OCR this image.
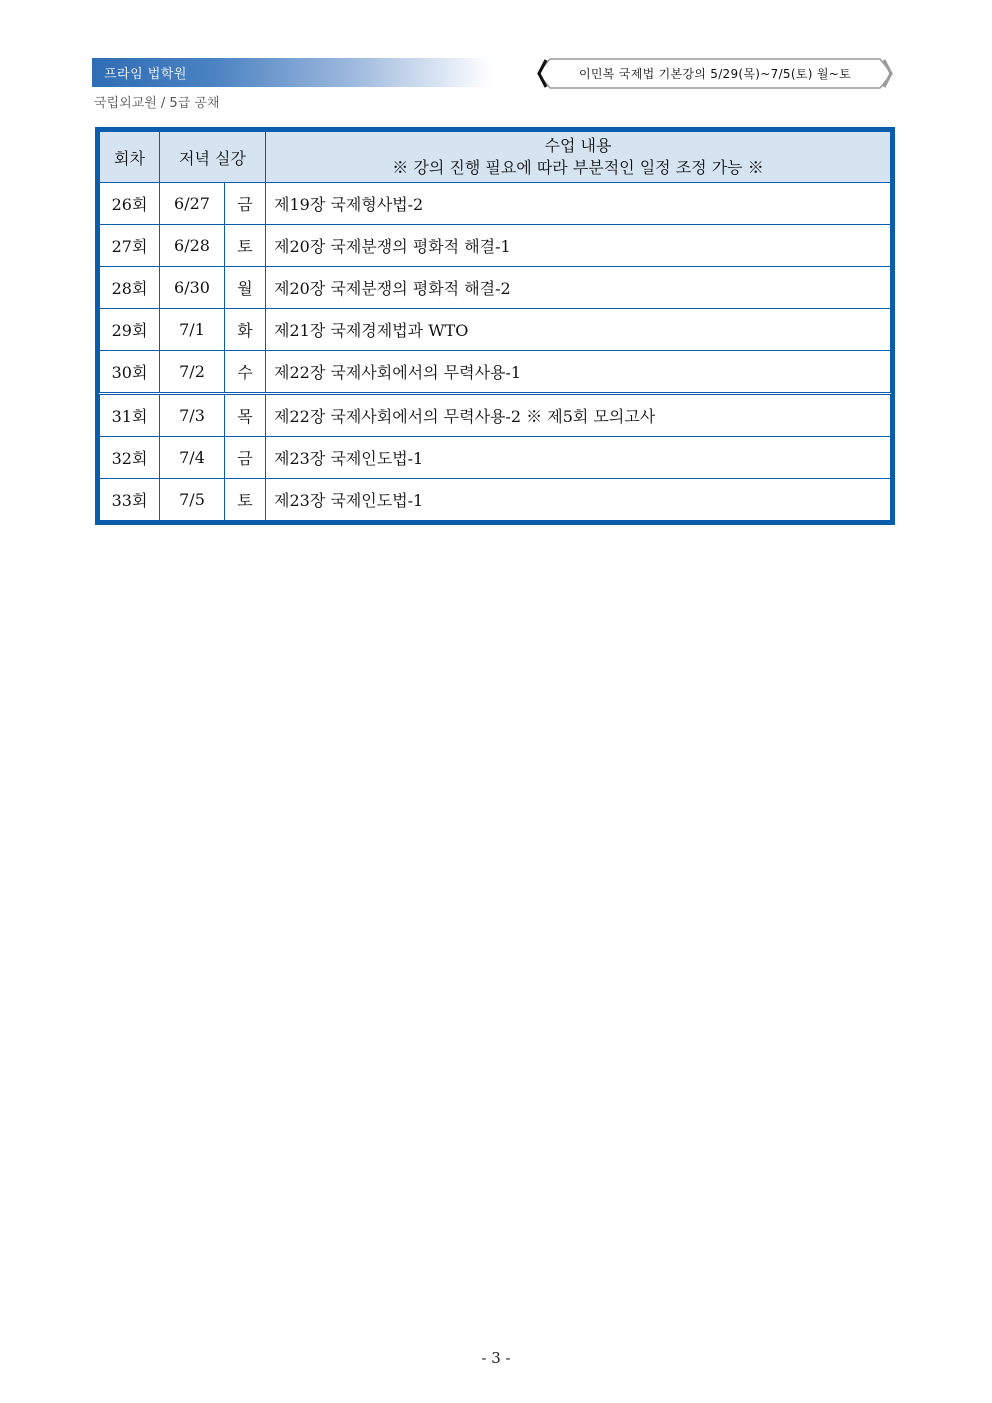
프라임 법학원	이민복 국제법 기본강의 5/29(목)~7/5(토) 월~토
국립외교원 / 5급 공채
회차	저녁 실강		수업 내용
※ 강의 진행 필요에 따라 부분적인 일정 조정 가능 ※

26회	6/27	금	제19장 국제형사법-2
27회	6/28	토	제20장 국제분쟁의 평화적 해결-1
28회	6/30	월	제20장 국제분쟁의 평화적 해결-2
29회	7/1	화	제21장 국제경제법과 WTO
30회	7/2	수	제22장 국제사회에서의 무력사용-1
31회	7/3	목	제22장 국제사회에서의 무력사용-2 ※ 제5회 모의고사
32회	7/4	금	제23장 국제인도법-1
33회	7/5	토	제23장 국제인도법-1
- 3 -
